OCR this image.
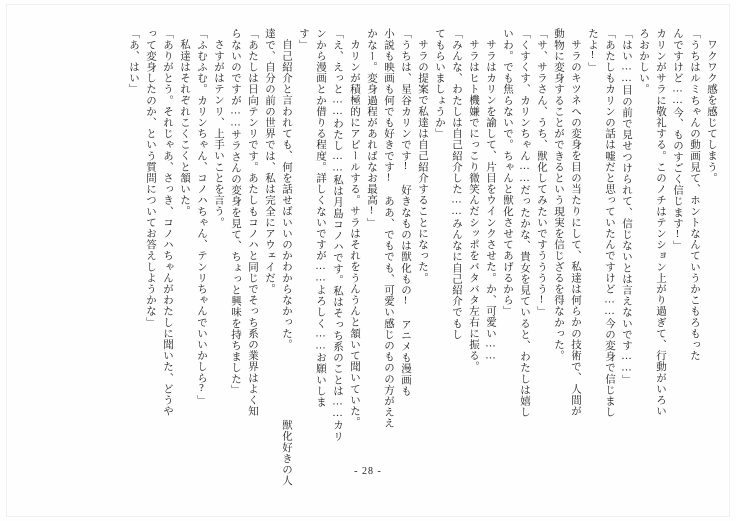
ワクワク感を感じてしまう。
「うちはルミちゃんの動画見て、ホントなんていうかこもろもった
んですけど……今、ものすごく信じます!」
カリンがサラに敬礼する。このノチはテンション上がり過ぎて、行動がいろい
ろおかしい。
「はい……目の前で見せつけられて、信じないとは言えないです……」
「あたしもカリンの話は嘘だと思っていたんですけど……今の変身で信じまし
たよ!」
サラのキツネへの変身を目の当たりにして、私達は何らかの技術で、人間が
動物に変身することができるという現実を信じざるを得なかった。
「サ、サラさん、うち、獣化してみたいですうううう!」
「くすくす、カリンちゃん……だったかな、貴女を見ていると、わたしは嬉し
いわ。でも焦らないで。ちゃんと獣化させてあげるから」
サラはカリンを諭して、片目をウインクさせた。か、可愛い……
サラはヒト機嫌でにっこり微笑んだシッポをバタバタ左右に振る。
「みんな、わたしは自己紹介した……みんなに自己紹介でもし
てもらいましょうか」
サラの提案で私達は自己紹介することになった。
「うちは、星谷カリンです! 好きなものは獣化もの! アニメも漫画も
小説も映画も何でも好きです! ああ、でもでも、可愛い感じのものの方がええ
かなー。変身過程があればなお最高!」
カリンが積極的にアピールする。サラはそれをうんうんと頷いて聞いていた。
「え、えっと……わたし……私は月島コノハです。私はそっち系のことは……カリ
ンから漫画とか借りる程度。詳しくないですが……よろしく……お願いしま
す」
自己紹介と言われても、何を話せばいいのかわからなかった。      獣化好きの人
達で、自分の前の世界では、私は完全にアウェイだ。
「あたしは日向テンリです。あたしもコノハと同じでそっち系の業界はよく知
らないのですが……サラさんの変身を見て、ちょっと興味を持ちました」
さすがはテンリ、上手いことを言う。
「ふむふむ。カリンちゃん、コノハちゃん、テンリちゃんでいいかしら?」
私達はそれぞれこくこくと頷いた。
「ありがとう。それじゃあ、さっき、コノハちゃんがわたしに聞いた、どうや
って変身したのか、という質問についてお答えしようかな」
「あ、はい」
- 28 -
